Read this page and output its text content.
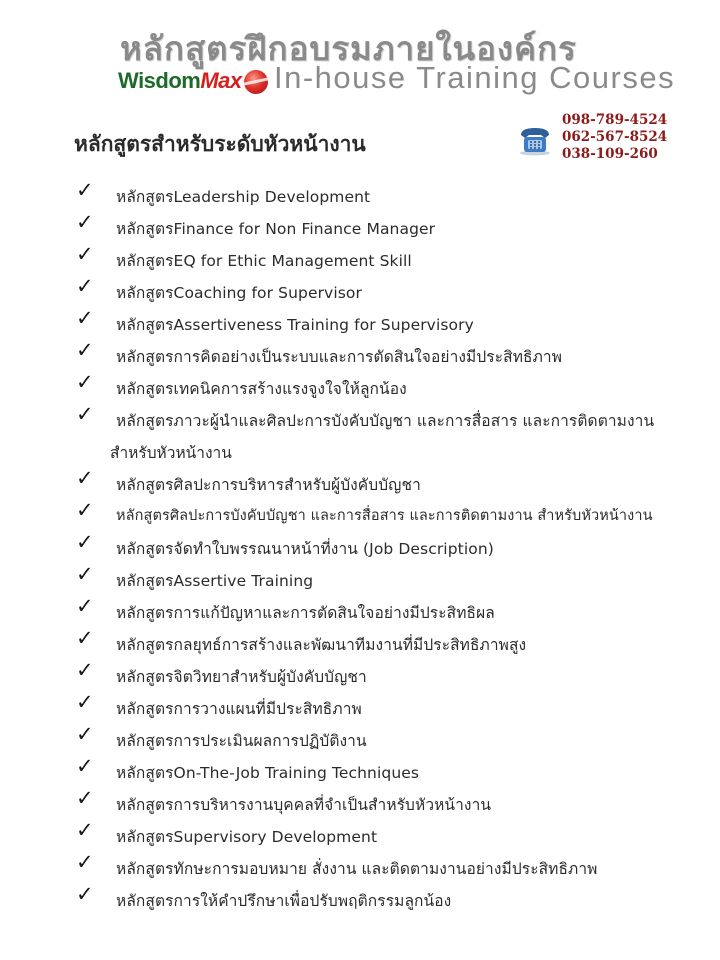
หลักสูตรฝึกอบรมภายในองค์กร
WisdomMax In-house Training Courses
หลักสูตรสำหรับระดับหัวหน้างาน
098-789-4524
062-567-8524
038-109-260
✓ หลักสูตรLeadership Development
✓ หลักสูตรFinance for Non Finance Manager
✓ หลักสูตรEQ for Ethic Management Skill
✓ หลักสูตรCoaching for Supervisor
✓ หลักสูตรAssertiveness Training for Supervisory
✓ หลักสูตรการคิดอย่างเป็นระบบและการตัดสินใจอย่างมีประสิทธิภาพ
✓ หลักสูตรเทคนิคการสร้างแรงจูงใจให้ลูกน้อง
✓ หลักสูตรภาวะผู้นำและศิลปะการบังคับบัญชา และการสื่อสาร และการติดตามงาน
สำหรับหัวหน้างาน
✓ หลักสูตรศิลปะการบริหารสำหรับผู้บังคับบัญชา
✓ หลักสูตรศิลปะการบังคับบัญชา และการสื่อสาร และการติดตามงาน สำหรับหัวหน้างาน
✓ หลักสูตรจัดทำใบพรรณนาหน้าที่งาน (Job Description)
✓ หลักสูตรAssertive Training
✓ หลักสูตรการแก้ปัญหาและการตัดสินใจอย่างมีประสิทธิผล
✓ หลักสูตรกลยุทธ์การสร้างและพัฒนาทีมงานที่มีประสิทธิภาพสูง
✓ หลักสูตรจิตวิทยาสำหรับผู้บังคับบัญชา
✓ หลักสูตรการวางแผนที่มีประสิทธิภาพ
✓ หลักสูตรการประเมินผลการปฏิบัติงาน
✓ หลักสูตรOn-The-Job Training Techniques
✓ หลักสูตรการบริหารงานบุคคลที่จำเป็นสำหรับหัวหน้างาน
✓ หลักสูตรSupervisory Development
✓ หลักสูตรทักษะการมอบหมาย สั่งงาน และติดตามงานอย่างมีประสิทธิภาพ
✓ หลักสูตรการให้คำปรึกษาเพื่อปรับพฤติกรรมลูกน้อง
